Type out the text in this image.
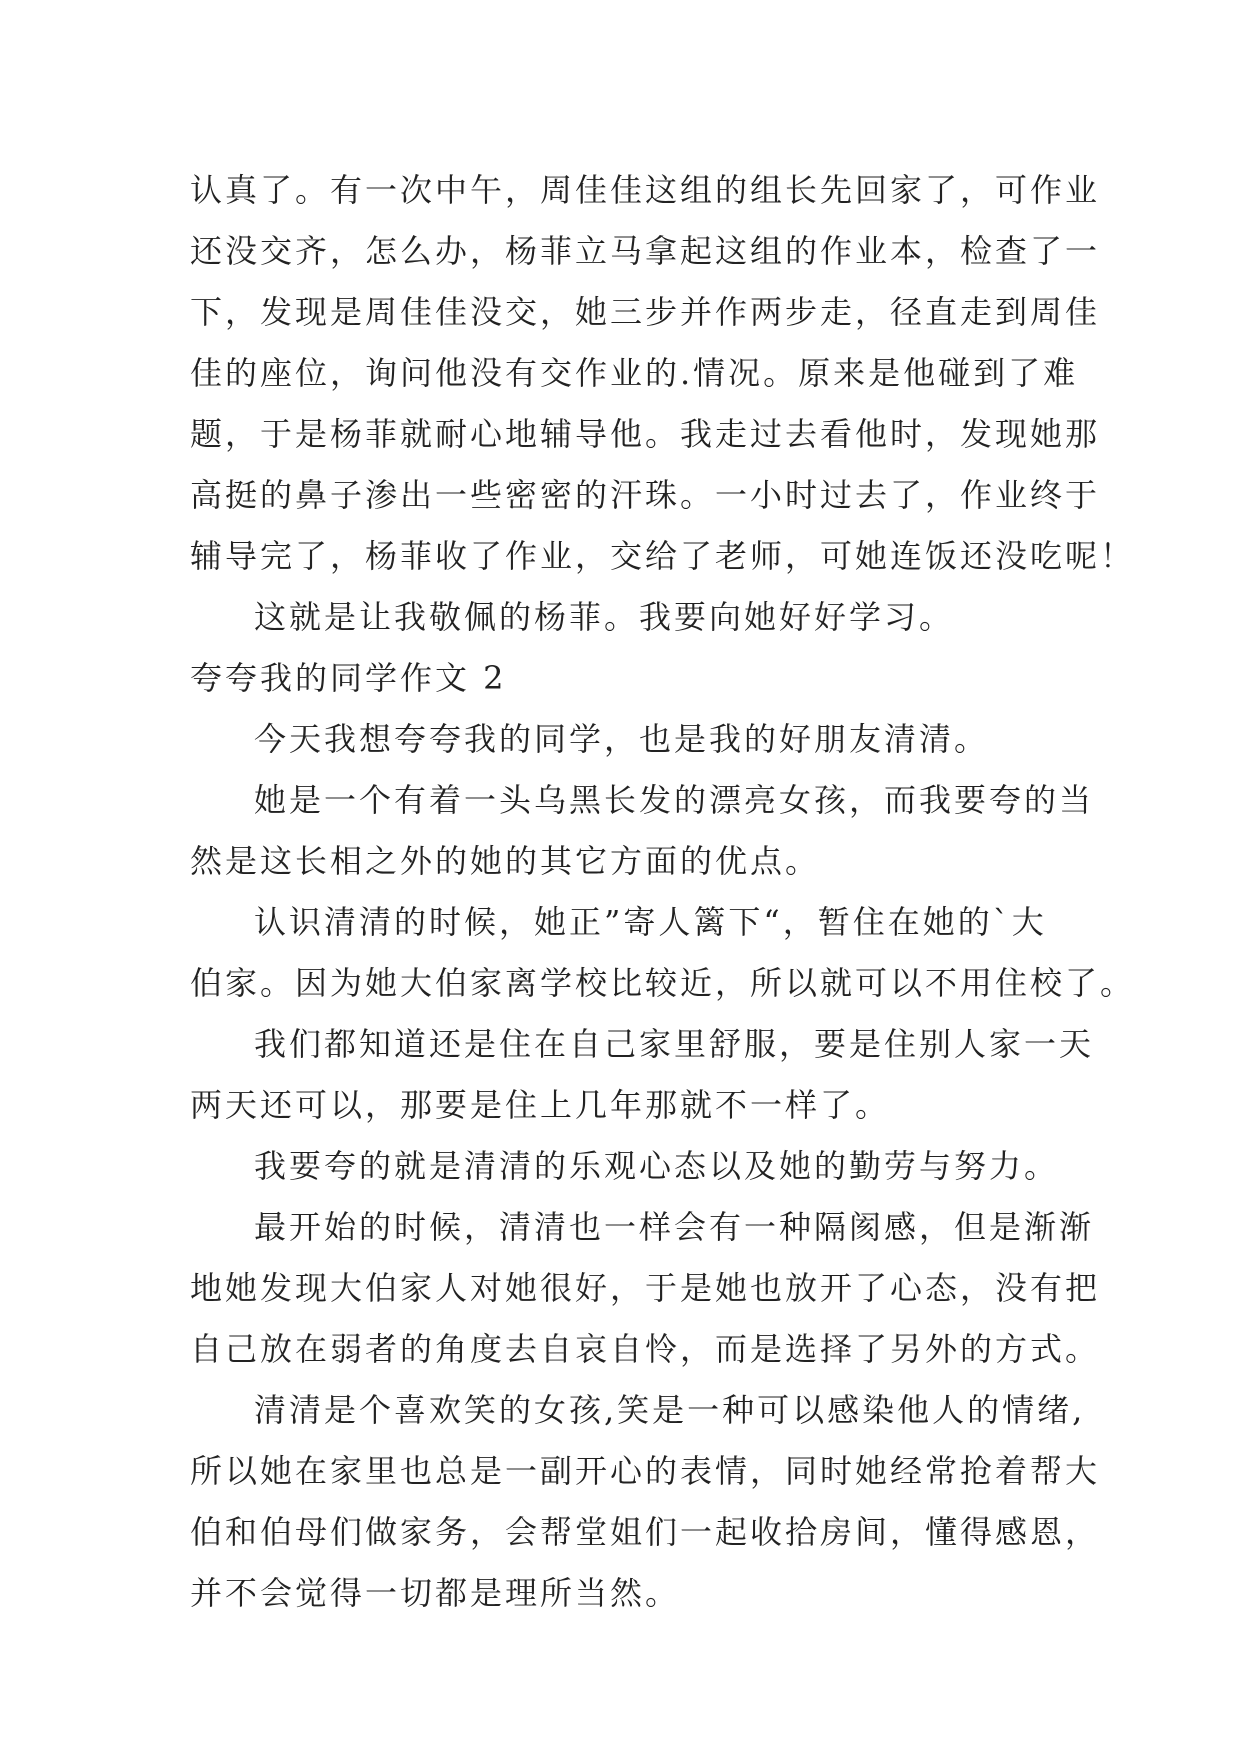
认真了。有一次中午，周佳佳这组的组长先回家了，可作业
还没交齐，怎么办，杨菲立马拿起这组的作业本，检查了一
下，发现是周佳佳没交，她三步并作两步走，径直走到周佳
佳的座位，询问他没有交作业的.情况。原来是他碰到了难
题，于是杨菲就耐心地辅导他。我走过去看他时，发现她那
高挺的鼻子渗出一些密密的汗珠。一小时过去了，作业终于
辅导完了，杨菲收了作业，交给了老师，可她连饭还没吃呢！
这就是让我敬佩的杨菲。我要向她好好学习。
夸夸我的同学作文 2
今天我想夸夸我的同学，也是我的好朋友清清。
她是一个有着一头乌黑长发的漂亮女孩，而我要夸的当
然是这长相之外的她的其它方面的优点。
认识清清的时候，她正”寄人篱下“，暂住在她的`大
伯家。因为她大伯家离学校比较近，所以就可以不用住校了。
我们都知道还是住在自己家里舒服，要是住别人家一天
两天还可以，那要是住上几年那就不一样了。
我要夸的就是清清的乐观心态以及她的勤劳与努力。
最开始的时候，清清也一样会有一种隔阂感，但是渐渐
地她发现大伯家人对她很好，于是她也放开了心态，没有把
自己放在弱者的角度去自哀自怜，而是选择了另外的方式。
清清是个喜欢笑的女孩,笑是一种可以感染他人的情绪,
所以她在家里也总是一副开心的表情，同时她经常抢着帮大
伯和伯母们做家务，会帮堂姐们一起收拾房间，懂得感恩，
并不会觉得一切都是理所当然。
